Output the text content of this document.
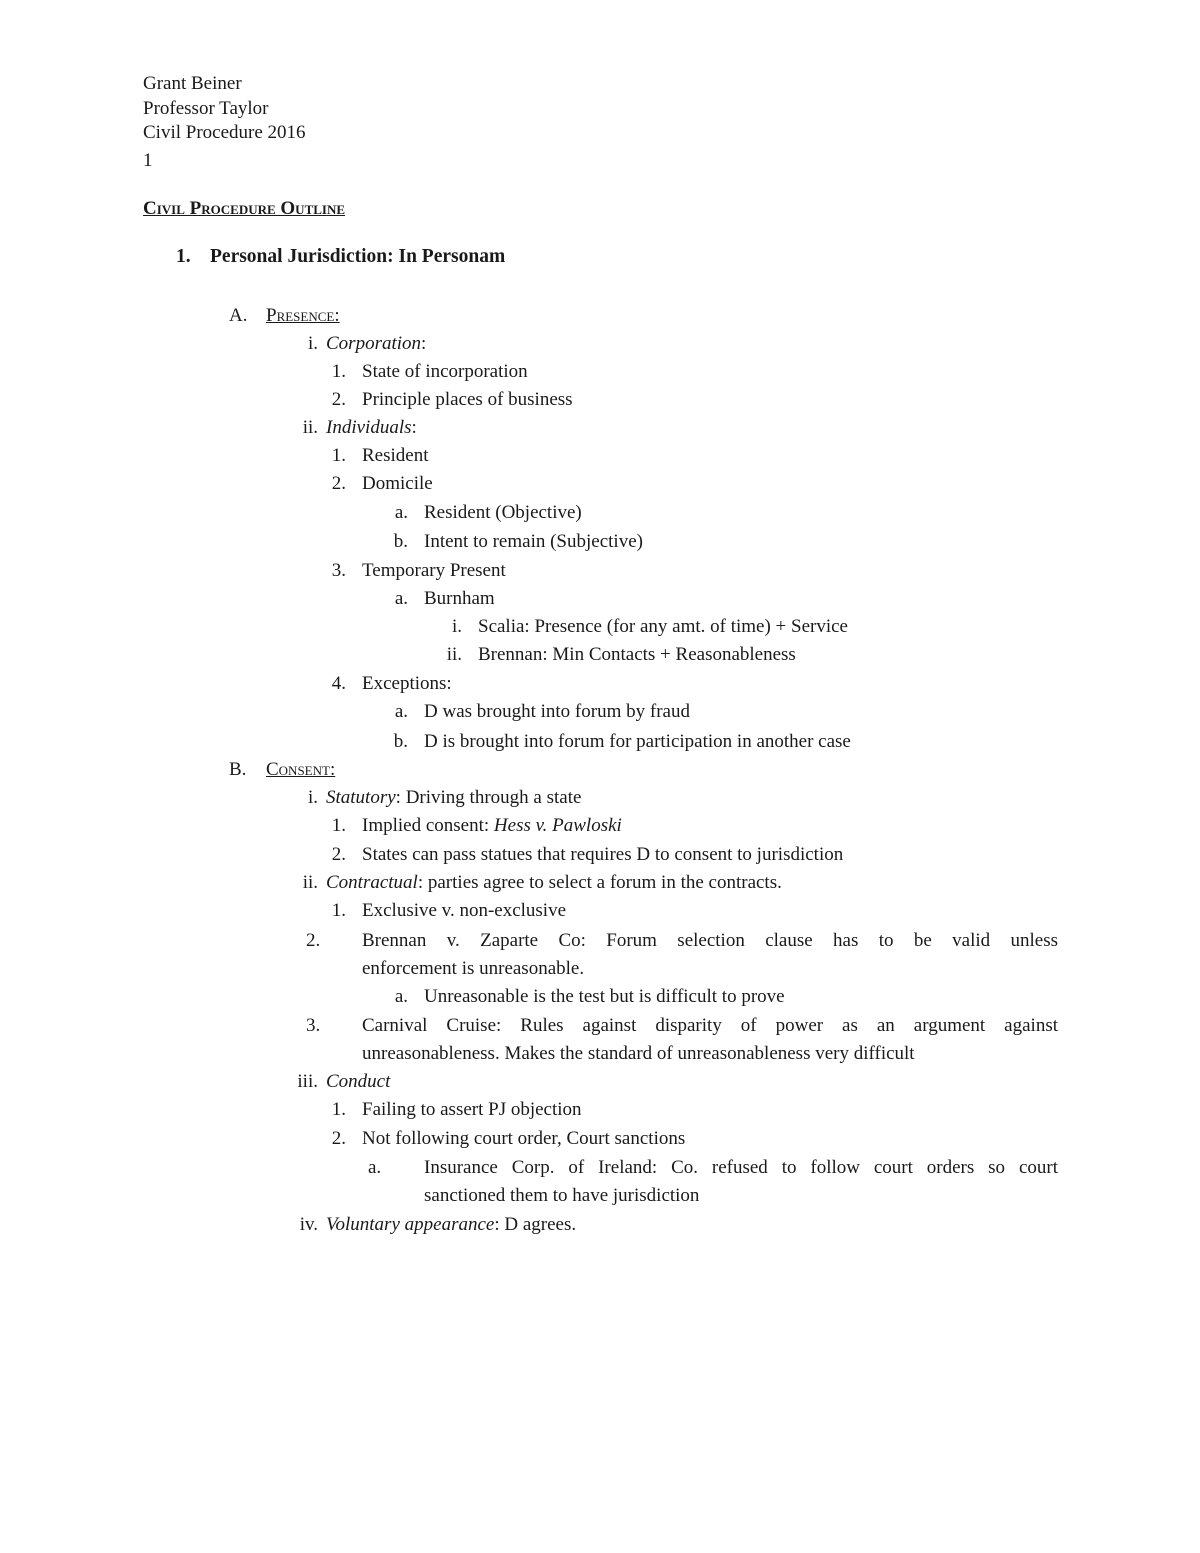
Grant Beiner
Professor Taylor
Civil Procedure 2016
1
Civil Procedure Outline
1. Personal Jurisdiction: In Personam
A. Presence:
i. Corporation:
1. State of incorporation
2. Principle places of business
ii. Individuals:
1. Resident
2. Domicile
a. Resident (Objective)
b. Intent to remain (Subjective)
3. Temporary Present
a. Burnham
i. Scalia: Presence (for any amt. of time) + Service
ii. Brennan: Min Contacts + Reasonableness
4. Exceptions:
a. D was brought into forum by fraud
b. D is brought into forum for participation in another case
B. Consent:
i. Statutory: Driving through a state
1. Implied consent: Hess v. Pawloski
2. States can pass statues that requires D to consent to jurisdiction
ii. Contractual: parties agree to select a forum in the contracts.
1. Exclusive v. non-exclusive
2.	Brennan v. Zaparte Co: Forum selection clause has to be valid unless
enforcement is unreasonable.
a. Unreasonable is the test but is difficult to prove
3.	Carnival Cruise: Rules against disparity of power as an argument against
unreasonableness. Makes the standard of unreasonableness very difficult
iii. Conduct
1. Failing to assert PJ objection
2. Not following court order, Court sanctions
a.	Insurance Corp. of Ireland: Co. refused to follow court orders so court
sanctioned them to have jurisdiction
iv. Voluntary appearance: D agrees.
